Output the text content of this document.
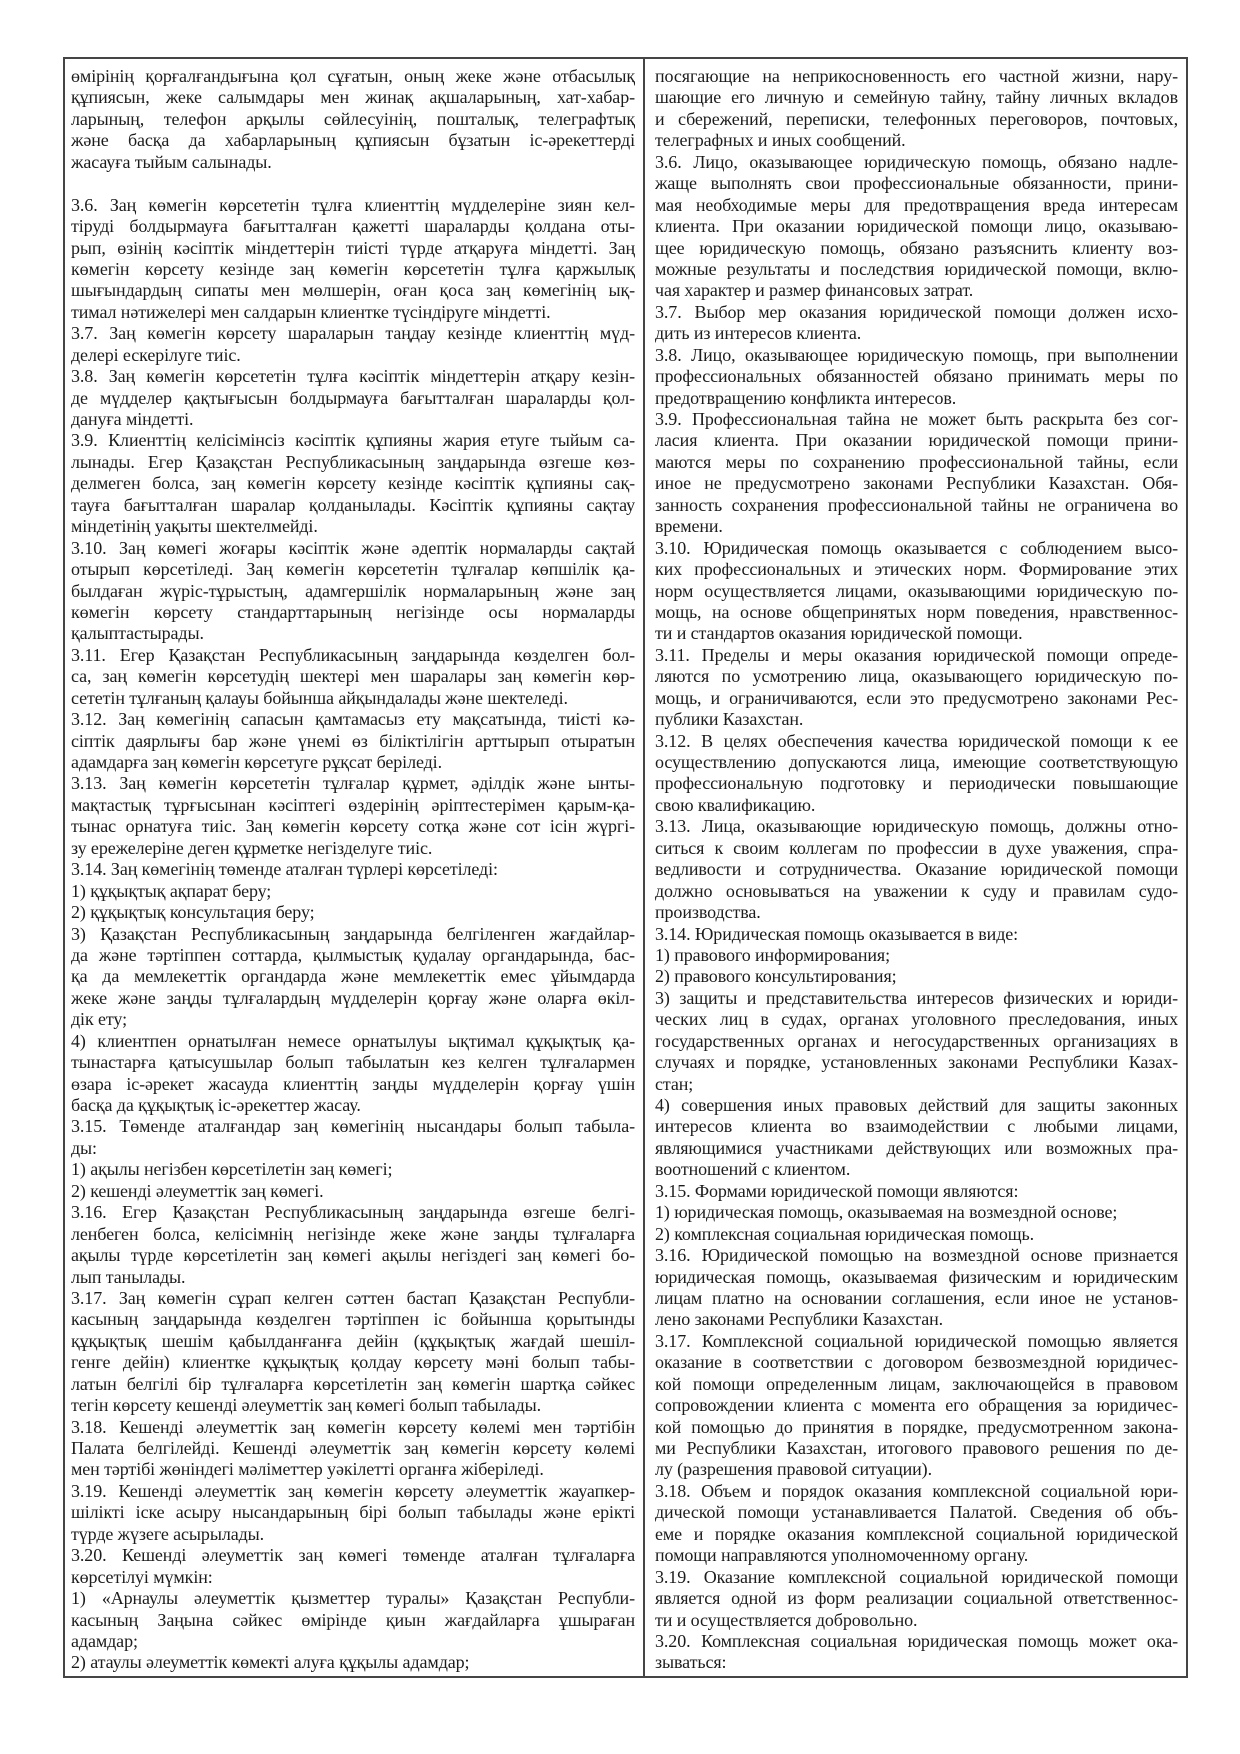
өмірінің қорғалғандығына қол сұғатын, оның жеке және отбасылық
құпиясын, жеке салымдары мен жинақ ақшаларының, хат-хабар-
ларының, телефон арқылы сөйлесуінің, пошталық, телеграфтық
және басқа да хабарларының құпиясын бұзатын іс-әрекеттерді
жасауға тыйым салынады.

3.6. Заң көмегін көрсететін тұлға клиенттің мүдделеріне зиян кел-
тіруді болдырмауға бағытталған қажетті шараларды қолдана оты-
рып, өзінің кәсіптік міндеттерін тиісті түрде атқаруға міндетті. Заң
көмегін көрсету кезінде заң көмегін көрсететін тұлға қаржылық
шығындардың сипаты мен мөлшерін, оған қоса заң көмегінің ық-
тимал нәтижелері мен салдарын клиентке түсіндіруге міндетті.
3.7. Заң көмегін көрсету шараларын таңдау кезінде клиенттің мүд-
делері ескерілуге тиіс.
3.8. Заң көмегін көрсететін тұлға кәсіптік міндеттерін атқару кезін-
де мүдделер қақтығысын болдырмауға бағытталған шараларды қол-
дануға міндетті.
3.9. Клиенттің келісімінсіз кәсіптік құпияны жария етуге тыйым са-
лынады. Егер Қазақстан Республикасының заңдарында өзгеше көз-
делмеген болса, заң көмегін көрсету кезінде кәсіптік құпияны сақ-
тауға бағытталған шаралар қолданылады. Кәсіптік құпияны сақтау
міндетінің уақыты шектелмейді.
3.10. Заң көмегі жоғары кәсіптік және әдептік нормаларды сақтай
отырып көрсетіледі. Заң көмегін көрсететін тұлғалар көпшілік қа-
былдаған жүріс-тұрыстың, адамгершілік нормаларының және заң
көмегін көрсету стандарттарының негізінде осы нормаларды
қалыптастырады.
3.11. Егер Қазақстан Республикасының заңдарында көзделген бол-
са, заң көмегін көрсетудің шектері мен шаралары заң көмегін көр-
сететін тұлғаның қалауы бойынша айқындалады және шектеледі.
3.12. Заң көмегінің сапасын қамтамасыз ету мақсатында, тиісті кә-
сіптік даярлығы бар және үнемі өз біліктілігін арттырып отыратын
адамдарға заң көмегін көрсетуге рұқсат беріледі.
3.13. Заң көмегін көрсететін тұлғалар құрмет, әділдік және ынты-
мақтастық тұрғысынан кәсіптегі өздерінің әріптестерімен қарым-қа-
тынас орнатуға тиіс. Заң көмегін көрсету сотқа және сот ісін жүргі-
зу ережелеріне деген құрметке негізделуге тиіс.
3.14. Заң көмегінің төменде аталған түрлері көрсетіледі:
1) құқықтық ақпарат беру;
2) құқықтық консультация беру;
3) Қазақстан Республикасының заңдарында белгіленген жағдайлар-
да және тәртіппен соттарда, қылмыстық қудалау органдарында, бас-
қа да мемлекеттік органдарда және мемлекеттік емес ұйымдарда
жеке және заңды тұлғалардың мүдделерін қорғау және оларға өкіл-
дік ету;
4) клиентпен орнатылған немесе орнатылуы ықтимал құқықтық қа-
тынастарға қатысушылар болып табылатын кез келген тұлғалармен
өзара іс-әрекет жасауда клиенттің заңды мүдделерін қорғау үшін
басқа да құқықтық іс-әрекеттер жасау.
3.15. Төменде аталғандар заң көмегінің нысандары болып табыла-
ды:
1) ақылы негізбен көрсетілетін заң көмегі;
2) кешенді әлеуметтік заң көмегі.
3.16. Егер Қазақстан Республикасының заңдарында өзгеше белгі-
ленбеген болса, келісімнің негізінде жеке және заңды тұлғаларға
ақылы түрде көрсетілетін заң көмегі ақылы негіздегі заң көмегі бо-
лып танылады.
3.17. Заң көмегін сұрап келген сәттен бастап Қазақстан Республи-
касының заңдарында көзделген тәртіппен іс бойынша қорытынды
құқықтық шешім қабылданғанға дейін (құқықтық жағдай шешіл-
генге дейін) клиентке құқықтық қолдау көрсету мәні болып табы-
латын белгілі бір тұлғаларға көрсетілетін заң көмегін шартқа сәйкес
тегін көрсету кешенді әлеуметтік заң көмегі болып табылады.
3.18. Кешенді әлеуметтік заң көмегін көрсету көлемі мен тәртібін
Палата белгілейді. Кешенді әлеуметтік заң көмегін көрсету көлемі
мен тәртібі жөніндегі мәліметтер уәкілетті органға жіберіледі.
3.19. Кешенді әлеуметтік заң көмегін көрсету әлеуметтік жауапкер-
шілікті іске асыру нысандарының бірі болып табылады және ерікті
түрде жүзеге асырылады.
3.20. Кешенді әлеуметтік заң көмегі төменде аталған тұлғаларға
көрсетілуі мүмкін:
1) «Арнаулы әлеуметтік қызметтер туралы» Қазақстан Республи-
касының Заңына сәйкес өмірінде қиын жағдайларға ұшыраған
адамдар;
2) атаулы әлеуметтік көмекті алуға құқылы адамдар;
посягающие на неприкосновенность его частной жизни, нару-
шающие его личную и семейную тайну, тайну личных вкладов
и сбережений, переписки, телефонных переговоров, почтовых,
телеграфных и иных сообщений.
3.6. Лицо, оказывающее юридическую помощь, обязано надле-
жаще выполнять свои профессиональные обязанности, прини-
мая необходимые меры для предотвращения вреда интересам
клиента. При оказании юридической помощи лицо, оказываю-
щее юридическую помощь, обязано разъяснить клиенту воз-
можные результаты и последствия юридической помощи, вклю-
чая характер и размер финансовых затрат.
3.7. Выбор мер оказания юридической помощи должен исхо-
дить из интересов клиента.
3.8. Лицо, оказывающее юридическую помощь, при выполнении
профессиональных обязанностей обязано принимать меры по
предотвращению конфликта интересов.
3.9. Профессиональная тайна не может быть раскрыта без сог-
ласия клиента. При оказании юридической помощи прини-
маются меры по сохранению профессиональной тайны, если
иное не предусмотрено законами Республики Казахстан. Обя-
занность сохранения профессиональной тайны не ограничена во
времени.
3.10. Юридическая помощь оказывается с соблюдением высо-
ких профессиональных и этических норм. Формирование этих
норм осуществляется лицами, оказывающими юридическую по-
мощь, на основе общепринятых норм поведения, нравственнос-
ти и стандартов оказания юридической помощи.
3.11. Пределы и меры оказания юридической помощи опреде-
ляются по усмотрению лица, оказывающего юридическую по-
мощь, и ограничиваются, если это предусмотрено законами Рес-
публики Казахстан.
3.12. В целях обеспечения качества юридической помощи к ее
осуществлению допускаются лица, имеющие соответствующую
профессиональную подготовку и периодически повышающие
свою квалификацию.
3.13. Лица, оказывающие юридическую помощь, должны отно-
ситься к своим коллегам по профессии в духе уважения, спра-
ведливости и сотрудничества. Оказание юридической помощи
должно основываться на уважении к суду и правилам судо-
производства.
3.14. Юридическая помощь оказывается в виде:
1) правового информирования;
2) правового консультирования;
3) защиты и представительства интересов физических и юриди-
ческих лиц в судах, органах уголовного преследования, иных
государственных органах и негосударственных организациях в
случаях и порядке, установленных законами Республики Казах-
стан;
4) совершения иных правовых действий для защиты законных
интересов клиента во взаимодействии с любыми лицами,
являющимися участниками действующих или возможных пра-
воотношений с клиентом.
3.15. Формами юридической помощи являются:
1) юридическая помощь, оказываемая на возмездной основе;
2) комплексная социальная юридическая помощь.
3.16. Юридической помощью на возмездной основе признается
юридическая помощь, оказываемая физическим и юридическим
лицам платно на основании соглашения, если иное не установ-
лено законами Республики Казахстан.
3.17. Комплексной социальной юридической помощью является
оказание в соответствии с договором безвозмездной юридичес-
кой помощи определенным лицам, заключающейся в правовом
сопровождении клиента с момента его обращения за юридичес-
кой помощью до принятия в порядке, предусмотренном закона-
ми Республики Казахстан, итогового правового решения по де-
лу (разрешения правовой ситуации).
3.18. Объем и порядок оказания комплексной социальной юри-
дической помощи устанавливается Палатой. Сведения об объ-
еме и порядке оказания комплексной социальной юридической
помощи направляются уполномоченному органу.
3.19. Оказание комплексной социальной юридической помощи
является одной из форм реализации социальной ответственнос-
ти и осуществляется добровольно.
3.20. Комплексная социальная юридическая помощь может ока-
зываться:
